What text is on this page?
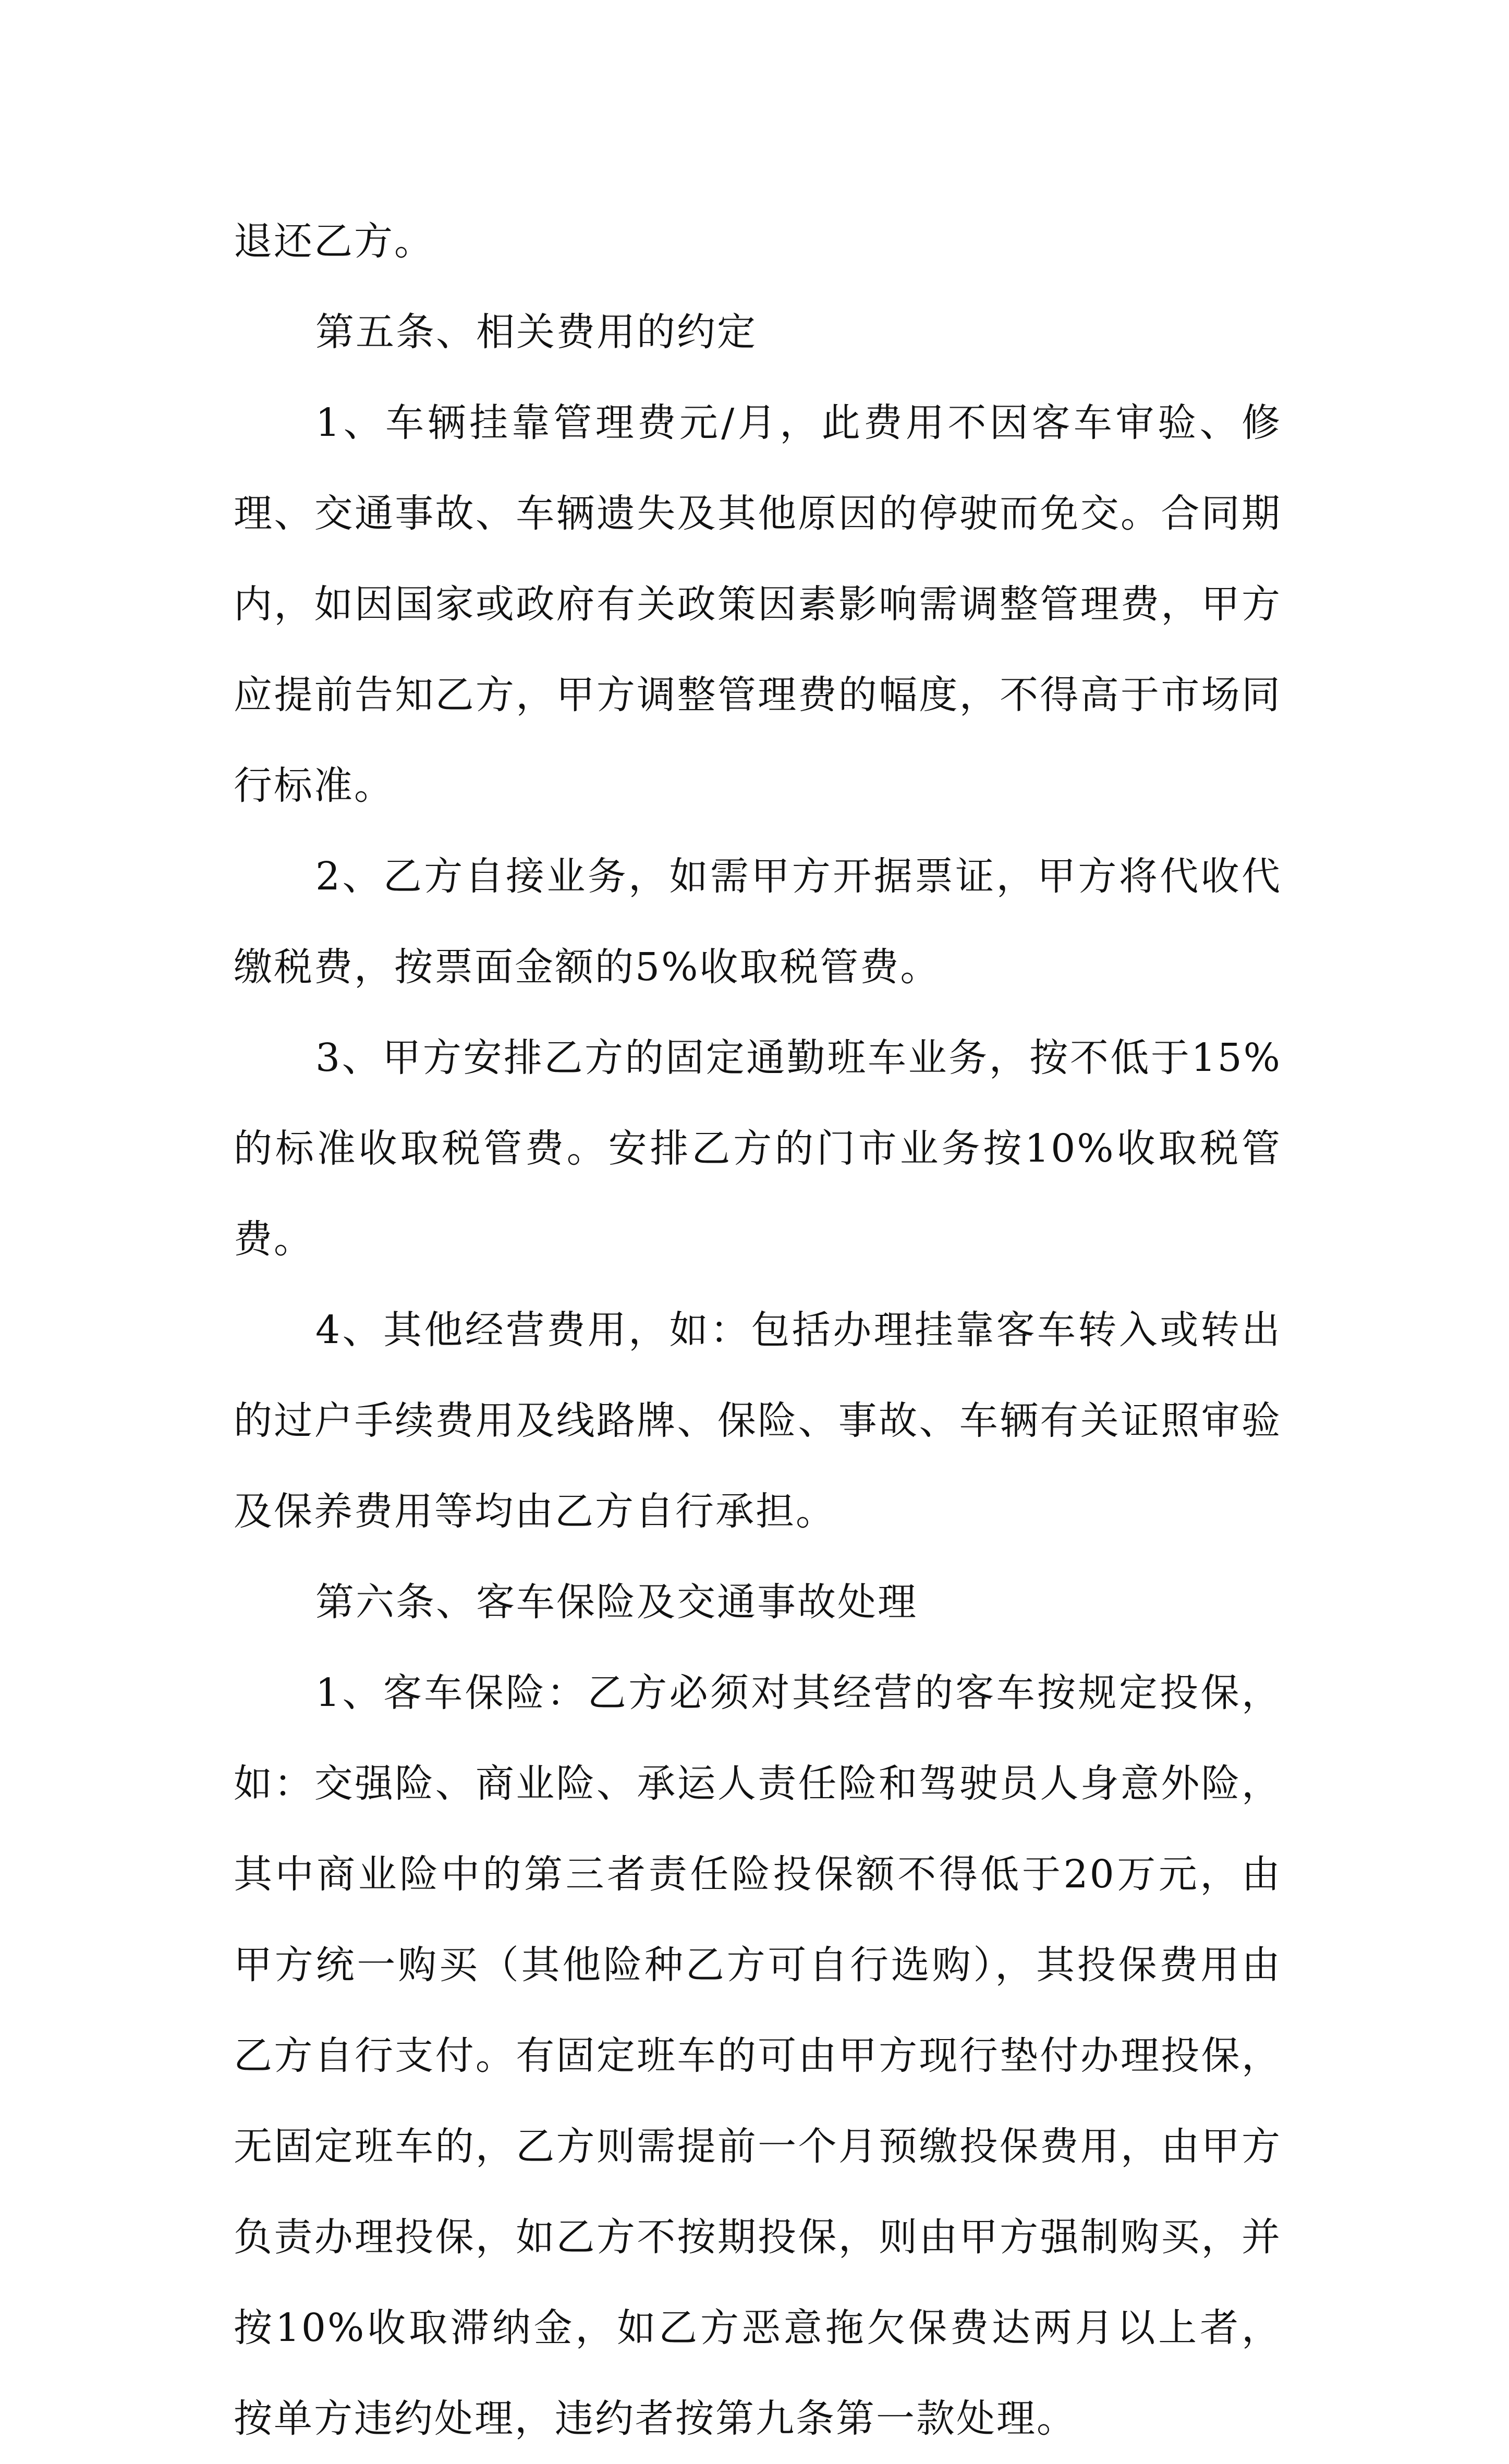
退还乙方。

第五条、相关费用的约定

1、车辆挂靠管理费元/月，此费用不因客车审验、修理、交通事故、车辆遗失及其他原因的停驶而免交。合同期内，如因国家或政府有关政策因素影响需调整管理费，甲方应提前告知乙方，甲方调整管理费的幅度，不得高于市场同行标准。

2、乙方自接业务，如需甲方开据票证，甲方将代收代缴税费，按票面金额的5%收取税管费。

3、甲方安排乙方的固定通勤班车业务，按不低于15%的标准收取税管费。安排乙方的门市业务按10%收取税管费。

4、其他经营费用，如：包括办理挂靠客车转入或转出的过户手续费用及线路牌、保险、事故、车辆有关证照审验及保养费用等均由乙方自行承担。

第六条、客车保险及交通事故处理

1、客车保险：乙方必须对其经营的客车按规定投保，如：交强险、商业险、承运人责任险和驾驶员人身意外险，其中商业险中的第三者责任险投保额不得低于20万元，由甲方统一购买（其他险种乙方可自行选购），其投保费用由乙方自行支付。有固定班车的可由甲方现行垫付办理投保，无固定班车的，乙方则需提前一个月预缴投保费用，由甲方负责办理投保，如乙方不按期投保，则由甲方强制购买，并按10%收取滞纳金，如乙方恶意拖欠保费达两月以上者，按单方违约处理，违约者按第九条第一款处理。
